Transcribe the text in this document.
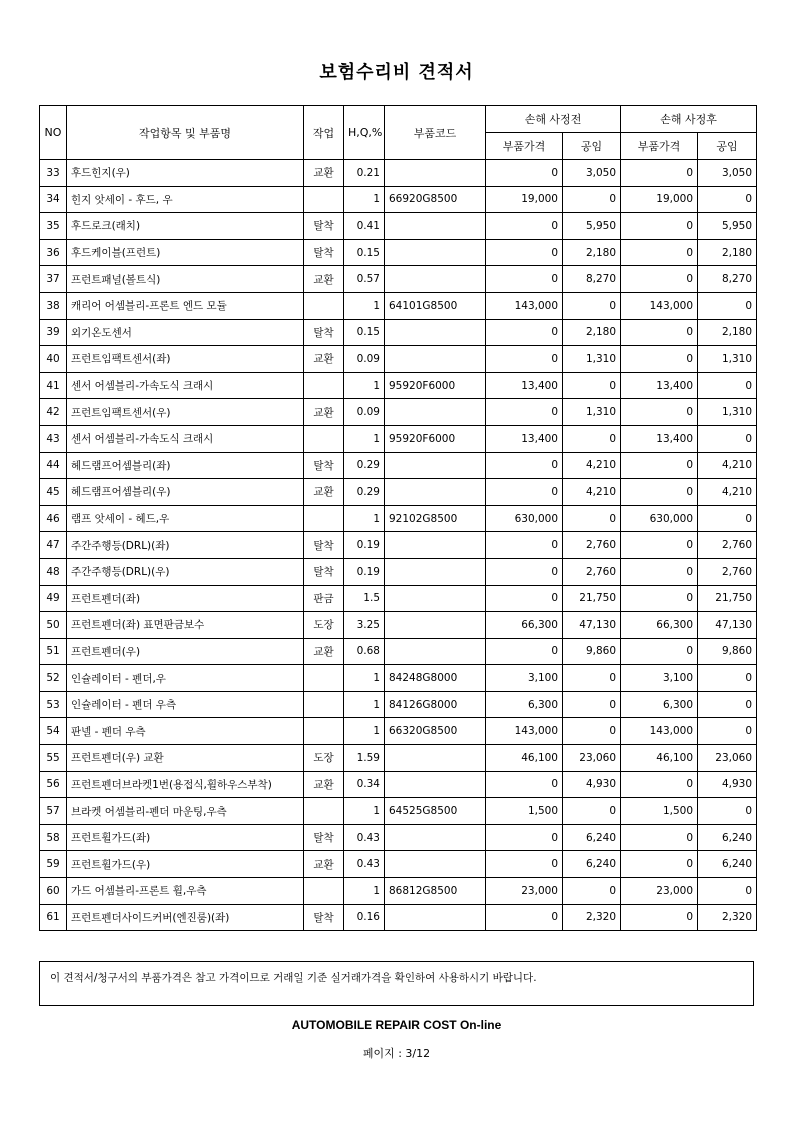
보험수리비 견적서
NO	작업항목 및 부품명	작업	H,Q,%	부품코드	손해 사정전		손해 사정후	
					부품가격	공임	부품가격	공임
33	후드힌지(우)	교환	0.21		0	3,050	0	3,050
34	힌지 앗세이 - 후드, 우		1	66920G8500	19,000	0	19,000	0
35	후드로크(래치)	탈착	0.41		0	5,950	0	5,950
36	후드케이블(프런트)	탈착	0.15		0	2,180	0	2,180
37	프런트패널(볼트식)	교환	0.57		0	8,270	0	8,270
38	캐리어 어셈블리-프론트 엔드 모듈		1	64101G8500	143,000	0	143,000	0
39	외기온도센서	탈착	0.15		0	2,180	0	2,180
40	프런트임팩트센서(좌)	교환	0.09		0	1,310	0	1,310
41	센서 어셈블리-가속도식 크래시		1	95920F6000	13,400	0	13,400	0
42	프런트임팩트센서(우)	교환	0.09		0	1,310	0	1,310
43	센서 어셈블리-가속도식 크래시		1	95920F6000	13,400	0	13,400	0
44	헤드램프어셈블리(좌)	탈착	0.29		0	4,210	0	4,210
45	헤드램프어셈블리(우)	교환	0.29		0	4,210	0	4,210
46	램프 앗세이 - 헤드,우		1	92102G8500	630,000	0	630,000	0
47	주간주행등(DRL)(좌)	탈착	0.19		0	2,760	0	2,760
48	주간주행등(DRL)(우)	탈착	0.19		0	2,760	0	2,760
49	프런트펜더(좌)	판금	1.5		0	21,750	0	21,750
50	프런트펜더(좌) 표면판금보수	도장	3.25		66,300	47,130	66,300	47,130
51	프런트펜더(우)	교환	0.68		0	9,860	0	9,860
52	인슐레이터 - 펜더,우		1	84248G8000	3,100	0	3,100	0
53	인슐레이터 - 펜더 우측		1	84126G8000	6,300	0	6,300	0
54	판넬 - 펜더 우측		1	66320G8500	143,000	0	143,000	0
55	프런트펜더(우) 교환	도장	1.59		46,100	23,060	46,100	23,060
56	프런트펜더브라켓1번(용접식,휠하우스부착)	교환	0.34		0	4,930	0	4,930
57	브라켓 어셈블리-펜더 마운팅,우측		1	64525G8500	1,500	0	1,500	0
58	프런트휠가드(좌)	탈착	0.43		0	6,240	0	6,240
59	프런트휠가드(우)	교환	0.43		0	6,240	0	6,240
60	가드 어셈블리-프론트 휠,우측		1	86812G8500	23,000	0	23,000	0
61	프런트펜더사이드커버(엔진룸)(좌)	탈착	0.16		0	2,320	0	2,320
이 견적서/청구서의 부품가격은 참고 가격이므로 거래일 기준 실거래가격을 확인하여 사용하시기 바랍니다.
AUTOMOBILE REPAIR COST On-line
페이지 : 3/12
